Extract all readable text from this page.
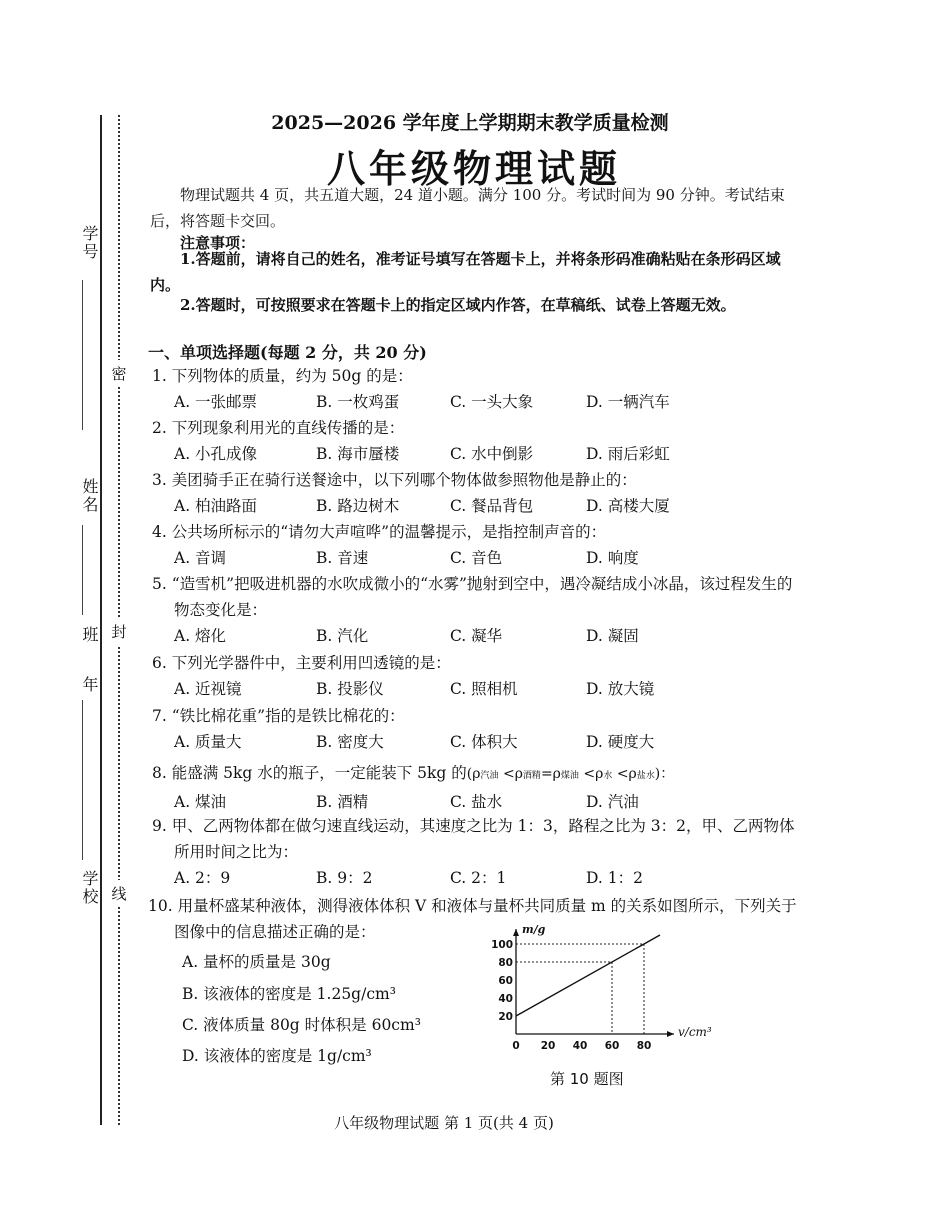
学号
姓名
班
年
学校
密
封
线
2025—2026 学年度上学期期末教学质量检测
八年级物理试题
物理试题共 4 页，共五道大题，24 道小题。满分 100 分。考试时间为 90 分钟。考试结束后，将答题卡交回。
注意事项：
1.答题前，请将自己的姓名，准考证号填写在答题卡上，并将条形码准确粘贴在条形码区域内。
2.答题时，可按照要求在答题卡上的指定区域内作答，在草稿纸、试卷上答题无效。
一、单项选择题(每题 2 分，共 20 分)
1. 下列物体的质量，约为 50g 的是：
A. 一张邮票	B. 一枚鸡蛋	C. 一头大象	D. 一辆汽车
2. 下列现象利用光的直线传播的是：
A. 小孔成像	B. 海市蜃楼	C. 水中倒影	D. 雨后彩虹
3. 美团骑手正在骑行送餐途中，以下列哪个物体做参照物他是静止的：
A. 柏油路面	B. 路边树木	C. 餐品背包	D. 高楼大厦
4. 公共场所标示的“请勿大声喧哗”的温馨提示，是指控制声音的：
A. 音调	B. 音速	C. 音色	D. 响度
5. “造雪机”把吸进机器的水吹成微小的“水雾”抛射到空中，遇冷凝结成小冰晶，该过程发生的物态变化是：
A. 熔化	B. 汽化	C. 凝华	D. 凝固
6. 下列光学器件中，主要利用凹透镜的是：
A. 近视镜	B. 投影仪	C. 照相机	D. 放大镜
7. “铁比棉花重”指的是铁比棉花的：
A. 质量大	B. 密度大	C. 体积大	D. 硬度大
8. 能盛满 5kg 水的瓶子，一定能装下 5kg 的(ρ汽油 <ρ酒精=ρ煤油 <ρ水 <ρ盐水)：
A. 煤油	B. 酒精	C. 盐水	D. 汽油
9. 甲、乙两物体都在做匀速直线运动，其速度之比为 1：3，路程之比为 3：2，甲、乙两物体所用时间之比为：
A. 2：9	B. 9：2	C. 2：1	D. 1：2
10. 用量杯盛某种液体，测得液体体积 V 和液体与量杯共同质量 m 的关系如图所示，下列关于图像中的信息描述正确的是：
A. 量杯的质量是 30g
B. 该液体的密度是 1.25g/cm³
C. 液体质量 80g 时体积是 60cm³
D. 该液体的密度是 1g/cm³
v/cm³
m/g
0 20 40 60 80
20
40
60
80
100
第 10 题图
八年级物理试题 第 1 页(共 4 页)
